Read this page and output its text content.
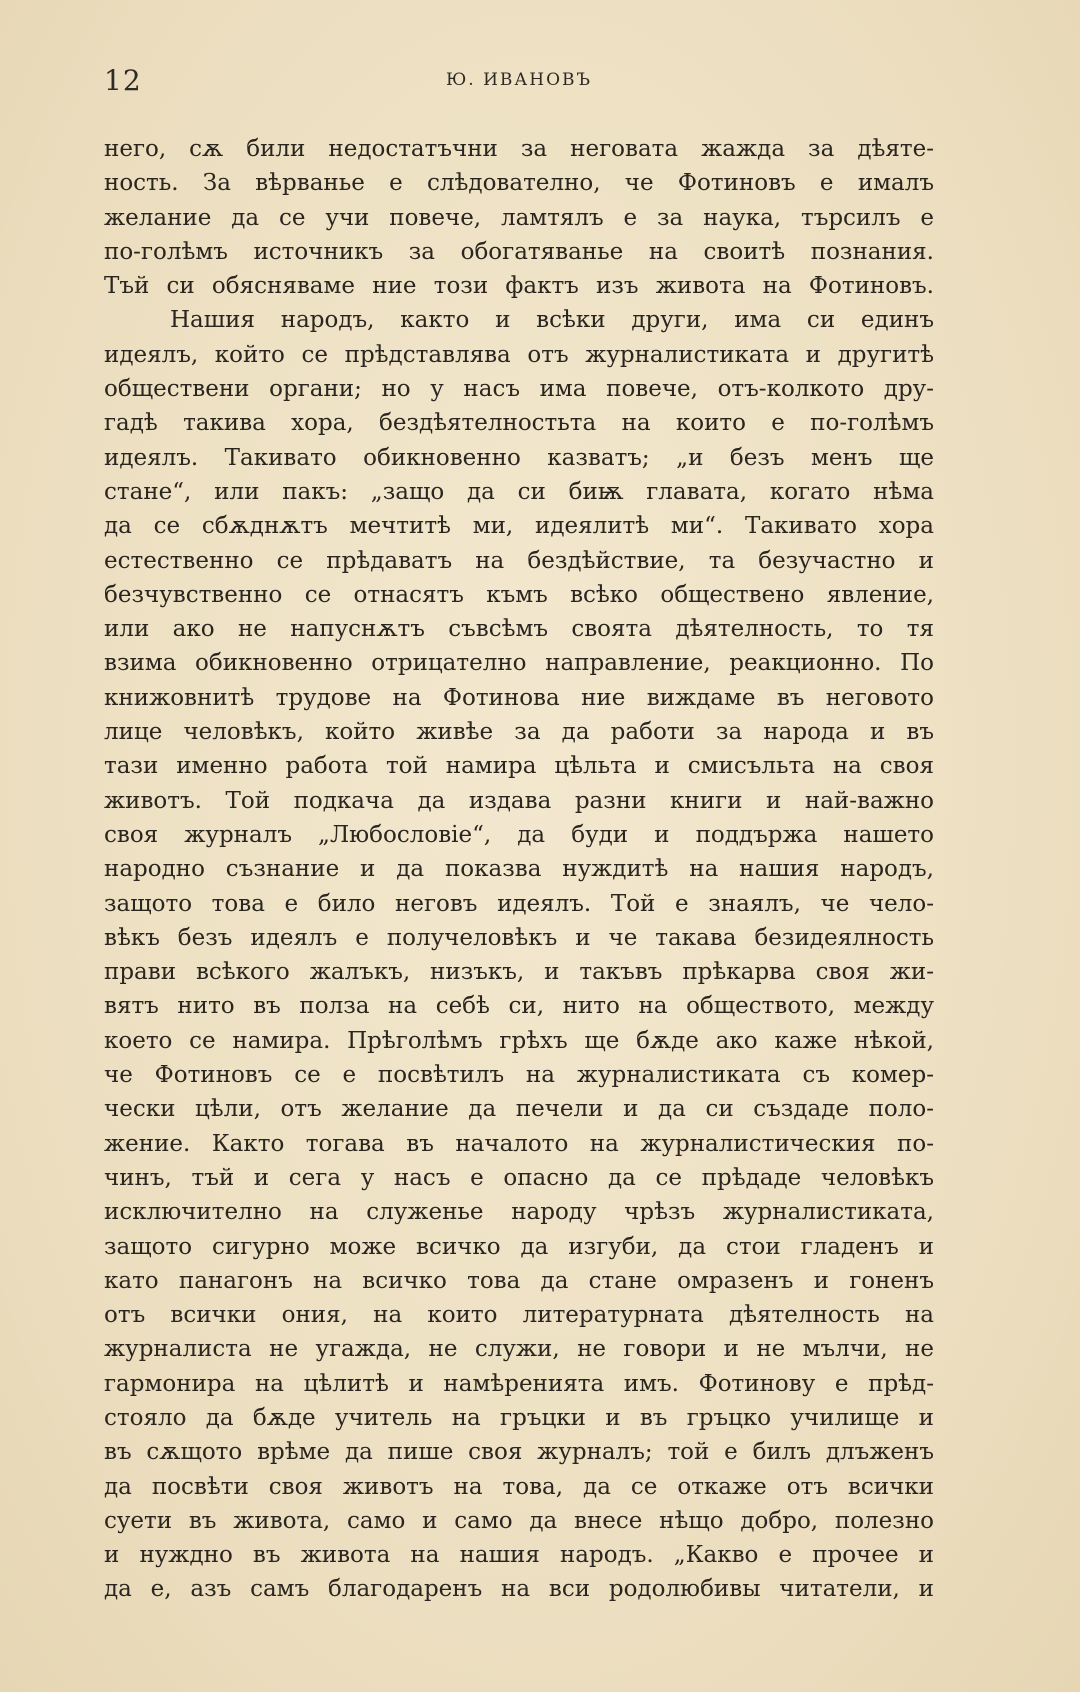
12	Ю. ИВАНОВЪ
него, сѫ били недостатъчни за неговата жажда за дѣяте-
ность. За вѣрванье е слѣдователно, че Фотиновъ е ималъ
желание да се учи повече, ламтялъ е за наука, търсилъ е
по-голѣмъ источникъ за обогатяванье на своитѣ познания.
Тъй си обясняваме ние този фактъ изъ живота на Фотиновъ.
Нашия народъ, както и всѣки други, има си единъ
идеялъ, който се прѣдставлява отъ журналистиката и другитѣ
обществени органи; но у насъ има повече, отъ-колкото дру-
гадѣ такива хора, бездѣятелностьта на които е по-голѣмъ
идеялъ. Такивато обикновенно казватъ; „и безъ менъ ще
стане“, или пакъ: „защо да си биѭ главата, когато нѣма
да се сбѫднѫтъ мечтитѣ ми, идеялитѣ ми“. Такивато хора
естественно се прѣдаватъ на бездѣйствие, та безучастно и
безчувственно се отнасятъ къмъ всѣко обществено явление,
или ако не напуснѫтъ съвсѣмъ своята дѣятелность, то тя
взима обикновенно отрицателно направление, реакционно. По
книжовнитѣ трудове на Фотинова ние виждаме въ неговото
лице человѣкъ, който живѣе за да работи за народа и въ
тази именно работа той намира цѣльта и смисъльта на своя
животъ. Той подкача да издава разни книги и най-важно
своя журналъ „Любословiе“, да буди и поддържа нашето
народно съзнание и да показва нуждитѣ на нашия народъ,
защото това е било неговъ идеялъ. Той е знаялъ, че чело-
вѣкъ безъ идеялъ е получеловѣкъ и че такава безидеялность
прави всѣкого жалъкъ, низъкъ, и такъвъ прѣкарва своя жи-
вятъ нито въ полза на себѣ си, нито на обществото, между
което се намира. Прѣголѣмъ грѣхъ ще бѫде ако каже нѣкой,
че Фотиновъ се е посвѣтилъ на журналистиката съ комер-
чески цѣли, отъ желание да печели и да си създаде поло-
жение. Както тогава въ началото на журналистическия по-
чинъ, тъй и сега у насъ е опасно да се прѣдаде человѣкъ
исключително на служенье народу чрѣзъ журналистиката,
защото сигурно може всичко да изгуби, да стои гладенъ и
като панагонъ на всичко това да стане омразенъ и гоненъ
отъ всички ония, на които литературната дѣятелность на
журналиста не угажда, не служи, не говори и не мълчи, не
гармонира на цѣлитѣ и намѣренията имъ. Фотинову е прѣд-
стояло да бѫде учитель на гръцки и въ гръцко училище и
въ сѫщото врѣме да пише своя журналъ; той е билъ длъженъ
да посвѣти своя животъ на това, да се откаже отъ всички
суети въ живота, само и само да внесе нѣщо добро, полезно
и нуждно въ живота на нашия народъ. „Какво е прочее и
да е, азъ самъ благодаренъ на вси родолюбивы читатели, и
